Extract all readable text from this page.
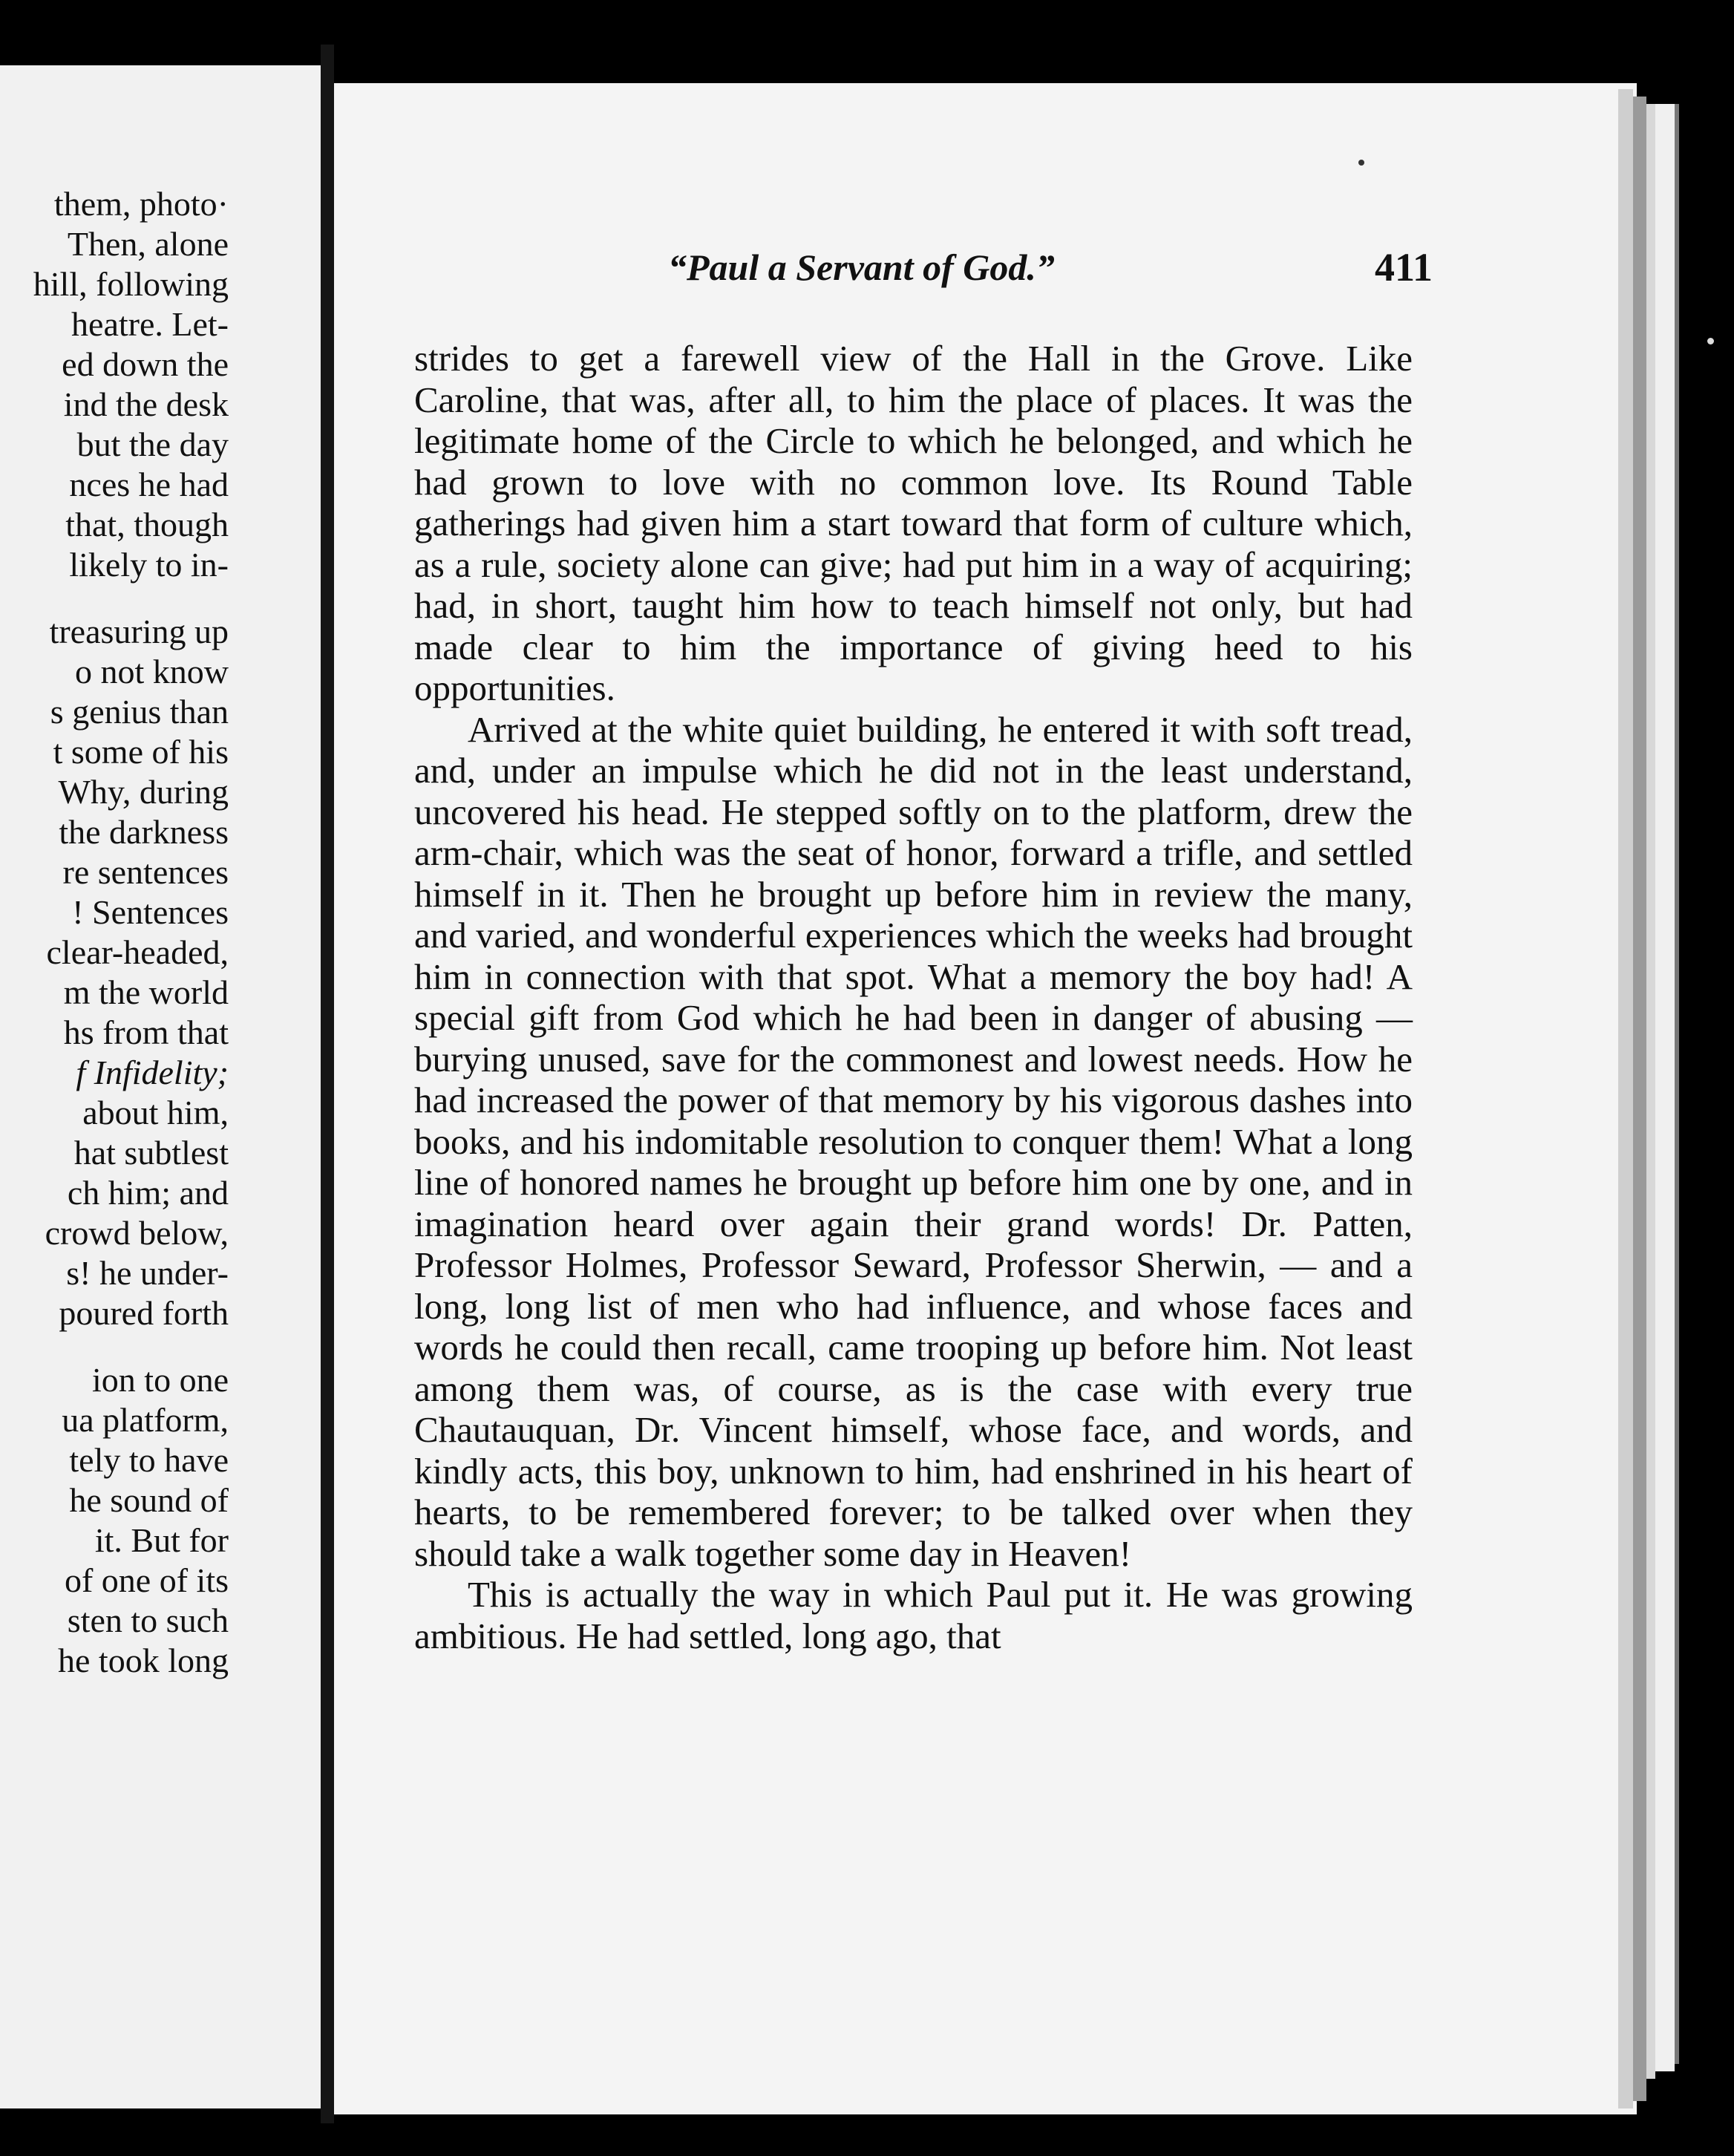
them, photo·
Then, alone
hill, following
heatre. Let-
ed down the
ind the desk
but the day
nces he had
that, though
likely to in-
treasuring up
o not know
s genius than
t some of his
Why, during
the darkness
re sentences
! Sentences
clear-headed,
m the world
hs from that
f Infidelity;
about him,
hat subtlest
ch him; and
crowd below,
s! he under-
poured forth
ion to one
ua platform,
tely to have
he sound of
it. But for
of one of its
sten to such
he took long
“Paul a Servant of God.”	411

strides to get a farewell view of the Hall in the Grove. Like Caroline, that was, after all, to him the place of places. It was the legitimate home of the Circle to which he belonged, and which he had grown to love with no common love. Its Round Table gatherings had given him a start toward that form of culture which, as a rule, society alone can give; had put him in a way of acquiring; had, in short, taught him how to teach himself not only, but had made clear to him the importance of giving heed to his opportunities.

Arrived at the white quiet building, he entered it with soft tread, and, under an impulse which he did not in the least understand, uncovered his head. He stepped softly on to the platform, drew the arm-chair, which was the seat of honor, forward a trifle, and settled himself in it. Then he brought up before him in review the many, and varied, and wonderful experiences which the weeks had brought him in connection with that spot. What a memory the boy had! A special gift from God which he had been in danger of abusing — burying unused, save for the commonest and lowest needs. How he had increased the power of that memory by his vigorous dashes into books, and his indomitable resolution to conquer them! What a long line of honored names he brought up before him one by one, and in imagination heard over again their grand words! Dr. Patten, Professor Holmes, Professor Seward, Professor Sherwin, — and a long, long list of men who had influence, and whose faces and words he could then recall, came trooping up before him. Not least among them was, of course, as is the case with every true Chautauquan, Dr. Vincent himself, whose face, and words, and kindly acts, this boy, unknown to him, had enshrined in his heart of hearts, to be remembered forever; to be talked over when they should take a walk together some day in Heaven!

This is actually the way in which Paul put it. He was growing ambitious. He had settled, long ago, that
